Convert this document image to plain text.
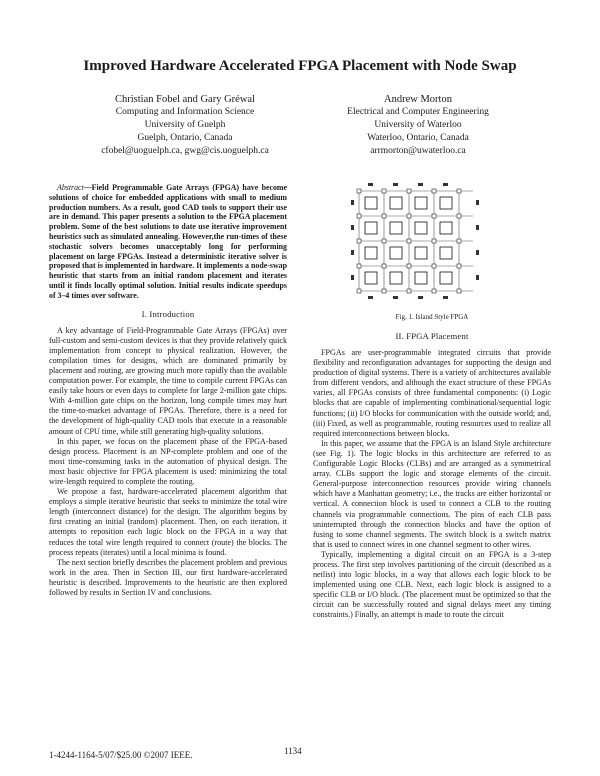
Improved Hardware Accelerated FPGA Placement with Node Swap
Christian Fobel and Gary Gréwal
Computing and Information Science
University of Guelph
Guelph, Ontario, Canada
cfobel@uoguelph.ca, gwg@cis.uoguelph.ca
Andrew Morton
Electrical and Computer Engineering
University of Waterloo
Waterloo, Ontario, Canada
arrmorton@uwaterloo.ca

Abstract—Field Programmable Gate Arrays (FPGA) have become solutions of choice for embedded applications with small to medium production numbers. As a result, good CAD tools to support their use are in demand. This paper presents a solution to the FPGA placement problem. Some of the best solutions to date use iterative improvement heuristics such as simulated annealing. However,the run-times of these stochastic solvers becomes unacceptably long for performing placement on large FPGAs. Instead a deterministic iterative solver is proposed that is implemented in hardware. It implements a node-swap heuristic that starts from an initial random placement and iterates until it finds locally optimal solution. Initial results indicate speedups of 3–4 times over software.

I. Introduction

A key advantage of Field-Programmable Gate Arrays (FPGAs) over full-custom and semi-custom devices is that they provide relatively quick implementation from concept to physical realization. However, the compilation times for designs, which are dominated primarily by placement and routing, are growing much more rapidly than the available computation power. For example, the time to compile current FPGAs can easily take hours or even days to complete for large 2-million gate chips. With 4-million gate chips on the horizon, long compile times may hurt the time-to-market advantage of FPGAs. Therefore, there is a need for the development of high-quality CAD tools that execute in a reasonable amount of CPU time, while still generating high-quality solutions.

In this paper, we focus on the placement phase of the FPGA-based design process. Placement is an NP-complete problem and one of the most time-consuming tasks in the automation of physical design. The most basic objective for FPGA placement is used: minimizing the total wire-length required to complete the routing.

We propose a fast, hardware-accelerated placement algorithm that employs a simple iterative heuristic that seeks to minimize the total wire length (interconnect distance) for the design. The algorithm begins by first creating an initial (random) placement. Then, on each iteration, it attempts to reposition each logic block on the FPGA in a way that reduces the total wire length required to connect (route) the blocks. The process repeats (iterates) until a local minima is found.

The next section briefly describes the placement problem and previous work in the area. Then in Section III, our first hardware-accelerated heuristic is described. Improvements to the heuristic are then explored followed by results in Section IV and conclusions.

Fig. 1. Island Style FPGA
II. FPGA Placement

FPGAs are user-programmable integrated circuits that provide flexibility and reconfiguration advantages for supporting the design and production of digital systems. There is a variety of architectures available from different vendors, and although the exact structure of these FPGAs varies, all FPGAs consists of three fundamental components: (i) Logic blocks that are capable of implementing combinational/sequential logic functions; (ii) I/O blocks for communication with the outside world; and, (iii) Fixed, as well as programmable, routing resources used to realize all required interconnections between blocks.

In this paper, we assume that the FPGA is an Island Style architecture (see Fig. 1). The logic blocks in this architecture are referred to as Configurable Logic Blocks (CLBs) and are arranged as a symmetrical array. CLBs support the logic and storage elements of the circuit. General-purpose interconnection resources provide wiring channels which have a Manhattan geometry; i.e., the tracks are either horizontal or vertical. A connection block is used to connect a CLB to the routing channels via programmable connections. The pins of each CLB pass uninterrupted through the connection blocks and have the option of fusing to some channel segments. The switch block is a switch matrix that is used to connect wires in one channel segment to other wires.

Typically, implementing a digital circuit on an FPGA is a 3-step process. The first step involves partitioning of the circuit (described as a netlist) into logic blocks, in a way that allows each logic block to be implemented using one CLB. Next, each logic block is assigned to a specific CLB or I/O block. (The placement must be optimized so that the circuit can be successfully routed and signal delays meet any timing constraints.) Finally, an attempt is made to route the circuit

1-4244-1164-5/07/$25.00 ©2007 IEEE.	1134
